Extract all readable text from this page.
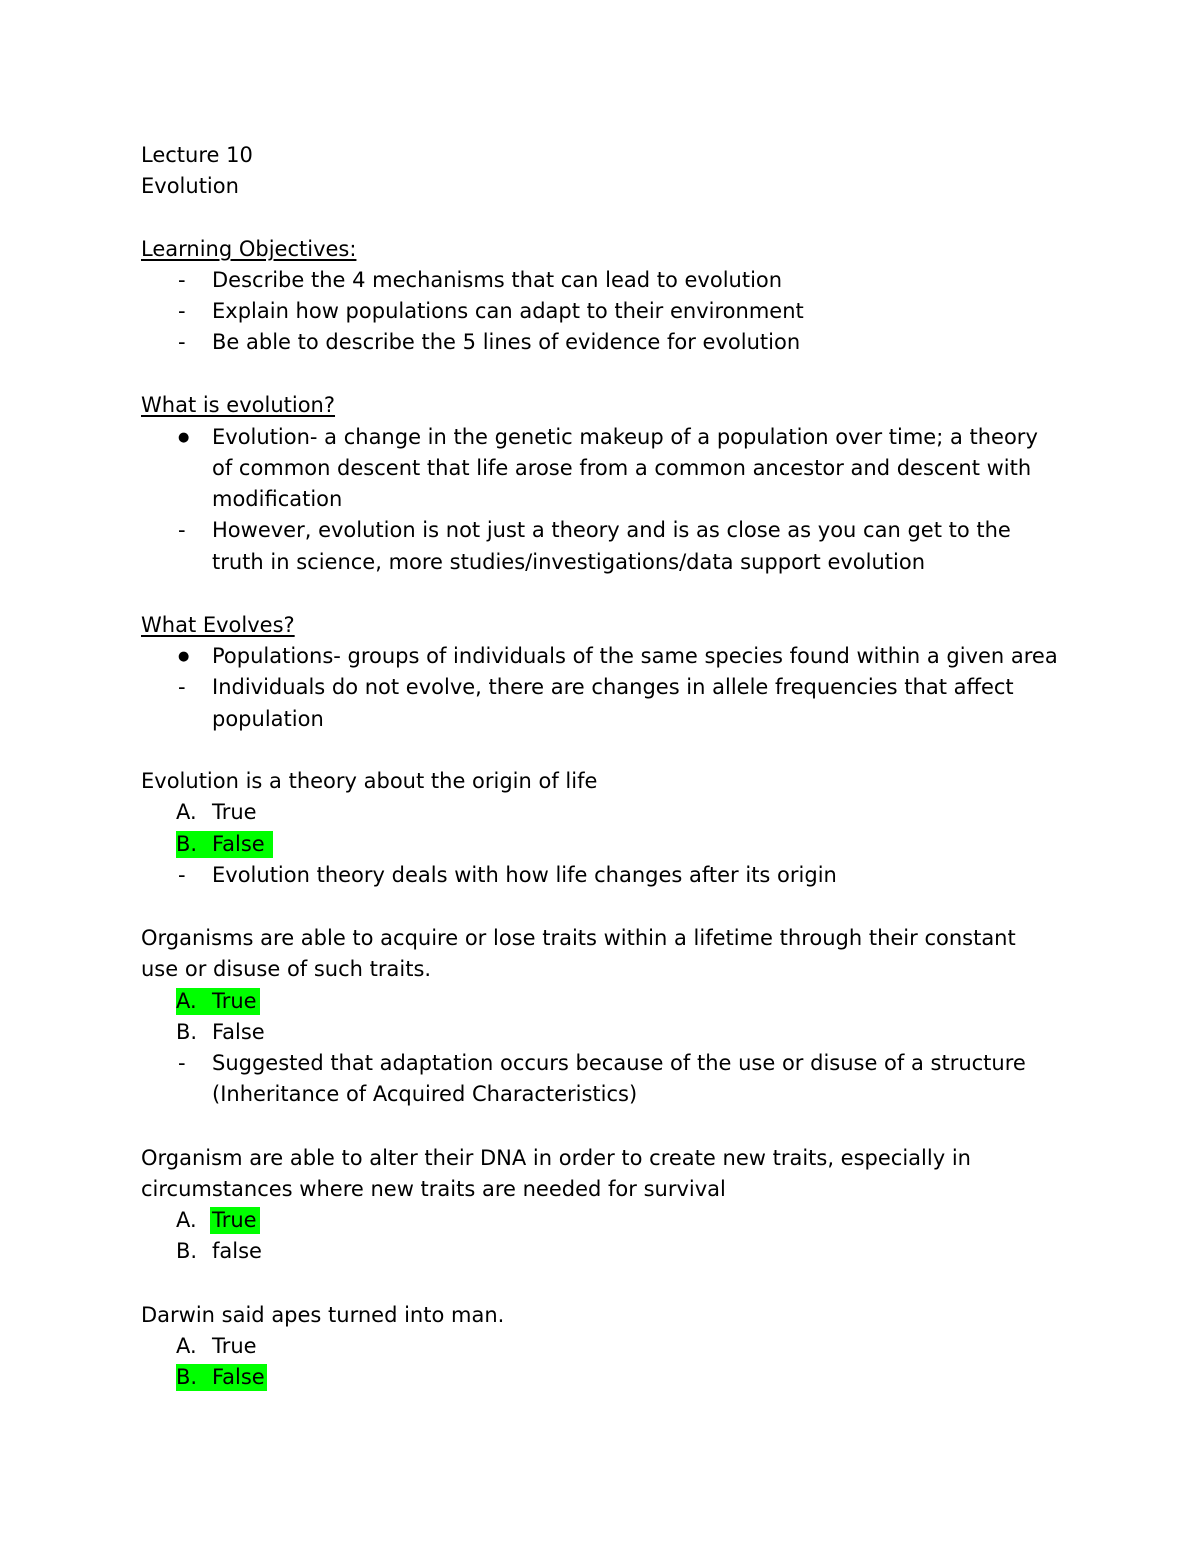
Lecture 10
Evolution
Learning Objectives:
-	Describe the 4 mechanisms that can lead to evolution
-	Explain how populations can adapt to their environment
-	Be able to describe the 5 lines of evidence for evolution
What is evolution?
●	Evolution- a change in the genetic makeup of a population over time; a theory
of common descent that life arose from a common ancestor and descent with
modification
-	However, evolution is not just a theory and is as close as you can get to the
truth in science, more studies/investigations/data support evolution
What Evolves?
●	Populations- groups of individuals of the same species found within a given area
-	Individuals do not evolve, there are changes in allele frequencies that affect
population
Evolution is a theory about the origin of life
A. True
B. False
-	Evolution theory deals with how life changes after its origin
Organisms are able to acquire or lose traits within a lifetime through their constant
use or disuse of such traits.
A. True
B. False
-	Suggested that adaptation occurs because of the use or disuse of a structure
(Inheritance of Acquired Characteristics)
Organism are able to alter their DNA in order to create new traits, especially in
circumstances where new traits are needed for survival
A. True
B. false
Darwin said apes turned into man.
A. True
B. False
